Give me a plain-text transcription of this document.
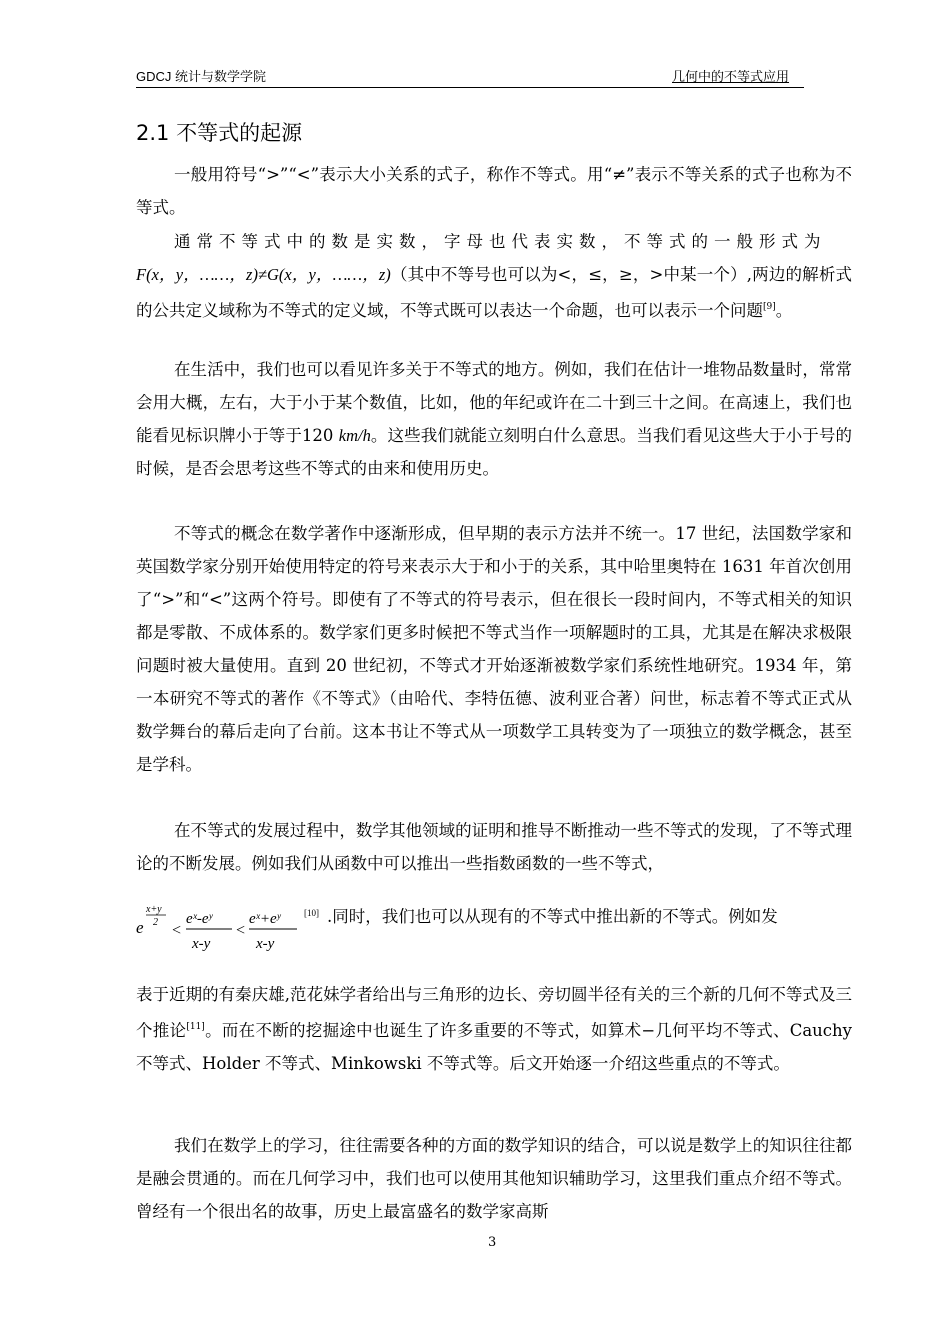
GDCJ 统计与数学学院	几何中的不等式应用
2.1 不等式的起源

一般用符号“>”“<”表示大小关系的式子，称作不等式。用“≠”表示不等关系的式子也称为不等式。

通常不等式中的数是实数，字母也代表实数，不等式的一般形式为
F(x，y，……，z)≠G(x，y，……，z)（其中不等号也可以为<，≤，≥，>中某一个）,两边的解析式的公共定义域称为不等式的定义域，不等式既可以表达一个命题，也可以表示一个问题[9]。

在生活中，我们也可以看见许多关于不等式的地方。例如，我们在估计一堆物品数量时，常常会用大概，左右，大于小于某个数值，比如，他的年纪或许在二十到三十之间。在高速上，我们也能看见标识牌小于等于120 km/h。这些我们就能立刻明白什么意思。当我们看见这些大于小于号的时候，是否会思考这些不等式的由来和使用历史。

不等式的概念在数学著作中逐渐形成，但早期的表示方法并不统一。17 世纪，法国数学家和英国数学家分别开始使用特定的符号来表示大于和小于的关系，其中哈里奥特在 1631 年首次创用了“>”和“<”这两个符号。即使有了不等式的符号表示，但在很长一段时间内，不等式相关的知识都是零散、不成体系的。数学家们更多时候把不等式当作一项解题时的工具，尤其是在解决求极限问题时被大量使用。直到 20 世纪初，不等式才开始逐渐被数学家们系统性地研究。1934 年，第一本研究不等式的著作《不等式》（由哈代、李特伍德、波利亚合著）问世，标志着不等式正式从数学舞台的幕后走向了台前。这本书让不等式从一项数学工具转变为了一项独立的数学概念，甚至是学科。

在不等式的发展过程中，数学其他领域的证明和推导不断推动一些不等式的发现，了不等式理论的不断发展。例如我们从函数中可以推出一些指数函数的一些不等式，

e
x+y
2 <
eˣ-eʸ
x-y
<
eˣ+eʸ
x-y
[10] .同时，我们也可以从现有的不等式中推出新的不等式。例如发

表于近期的有秦庆雄,范花妹学者给出与三角形的边长、旁切圆半径有关的三个新的几何不等式及三个推论[11]。而在不断的挖掘途中也诞生了许多重要的不等式，如算术−几何平均不等式、Cauchy 不等式、Holder 不等式、Minkowski 不等式等。后文开始逐一介绍这些重点的不等式。

我们在数学上的学习，往往需要各种的方面的数学知识的结合，可以说是数学上的知识往往都是融会贯通的。而在几何学习中，我们也可以使用其他知识辅助学习，这里我们重点介绍不等式。曾经有一个很出名的故事，历史上最富盛名的数学家高斯

3
